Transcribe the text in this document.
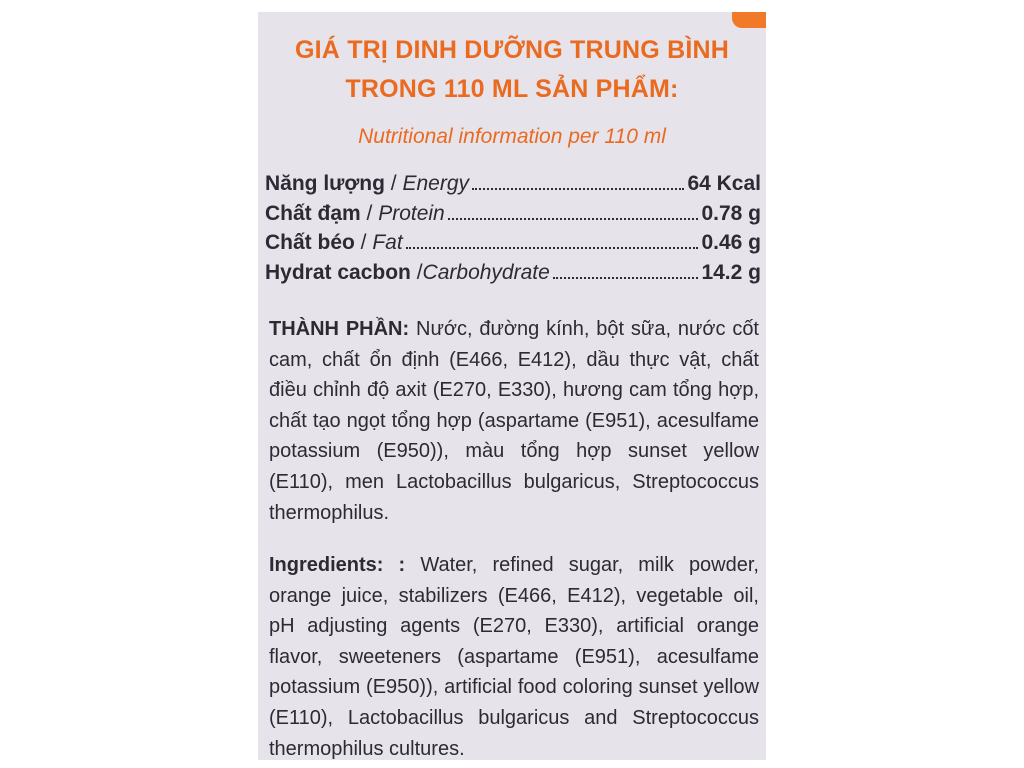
GIÁ TRỊ DINH DƯỠNG TRUNG BÌNH
TRONG 110 ML SẢN PHẨM:
Nutritional information per 110 ml
Năng lượng / Energy	64 Kcal
Chất đạm / Protein	0.78 g
Chất béo / Fat	0.46 g
Hydrat cacbon / Carbohydrate	14.2 g
THÀNH PHẦN: Nước, đường kính, bột sữa, nước cốt cam, chất ổn định (E466, E412), dầu thực vật, chất điều chỉnh độ axit (E270, E330), hương cam tổng hợp, chất tạo ngọt tổng hợp (aspartame (E951), acesulfame potassium (E950)), màu tổng hợp sunset yellow (E110), men Lactobacillus bulgaricus, Streptococcus thermophilus.
Ingredients: : Water, refined sugar, milk powder, orange juice, stabilizers (E466, E412), vegetable oil, pH adjusting agents (E270, E330), artificial orange flavor, sweeteners (aspartame (E951), acesulfame potassium (E950)), artificial food coloring sunset yellow (E110), Lactobacillus bulgaricus and Streptococcus thermophilus cultures.
